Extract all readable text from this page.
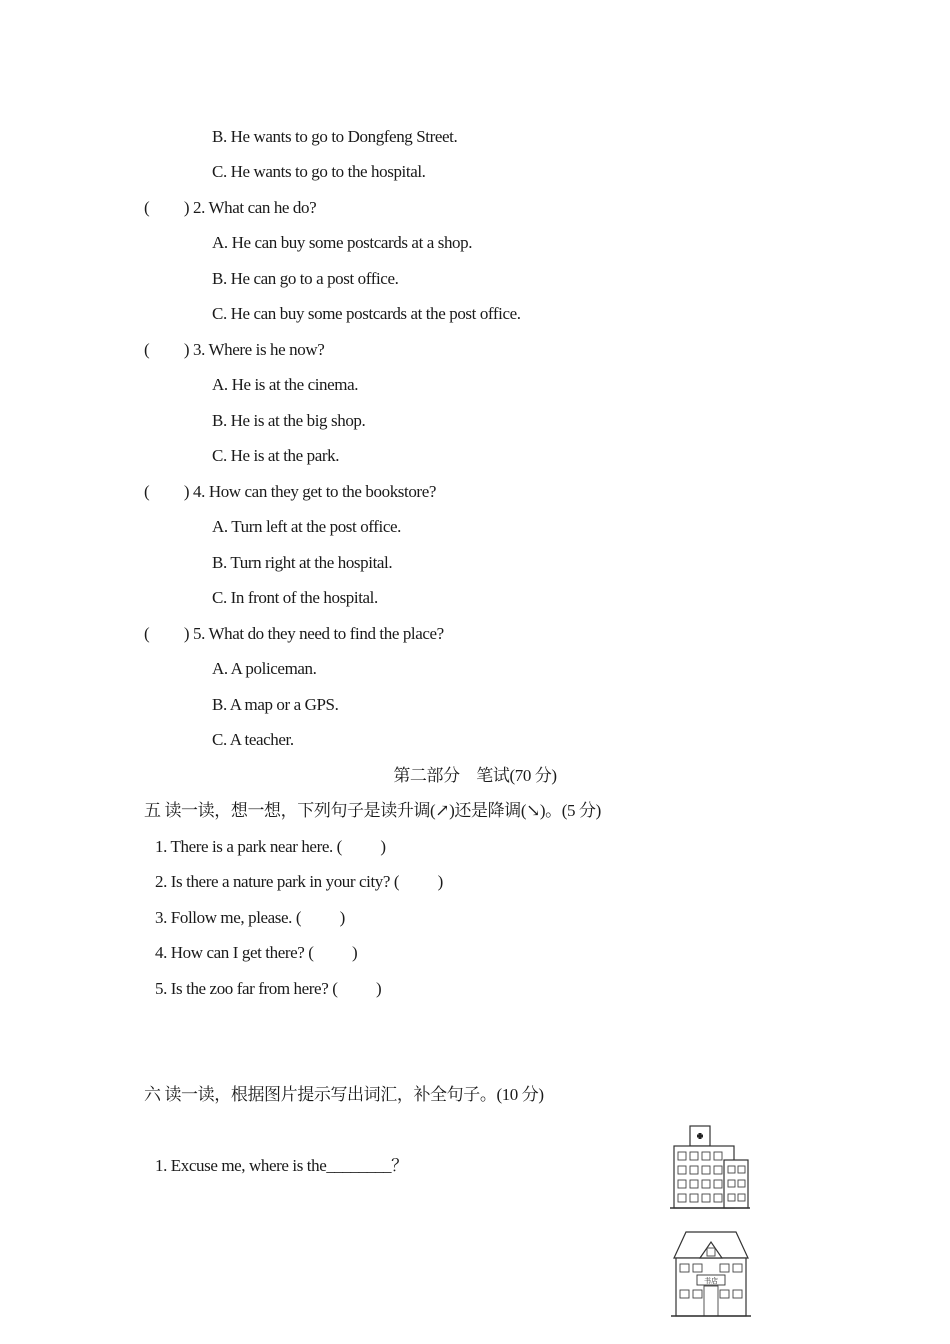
B. He wants to go to Dongfeng Street.
C. He wants to go to the hospital.
(         ) 2. What can he do?
A. He can buy some postcards at a shop.
B. He can go to a post office.
C. He can buy some postcards at the post office.
(         ) 3. Where is he now?
A. He is at the cinema.
B. He is at the big shop.
C. He is at the park.
(         ) 4. How can they get to the bookstore?
A. Turn left at the post office.
B. Turn right at the hospital.
C. In front of the hospital.
(         ) 5. What do they need to find the place?
A. A policeman.
B. A map or a GPS.
C. A teacher.
第二部分　笔试(70 分)
五 读一读，想一想，下列句子是读升调(↗)还是降调(↘)。(5 分)
1. There is a park near here. (          )
2. Is there a nature park in your city? (          )
3. Follow me, please. (          )
4. How can I get there? (          )
5. Is the zoo far from here? (          )
六 读一读，根据图片提示写出词汇，补全句子。(10 分)
1. Excuse me, where is the________？
书店
